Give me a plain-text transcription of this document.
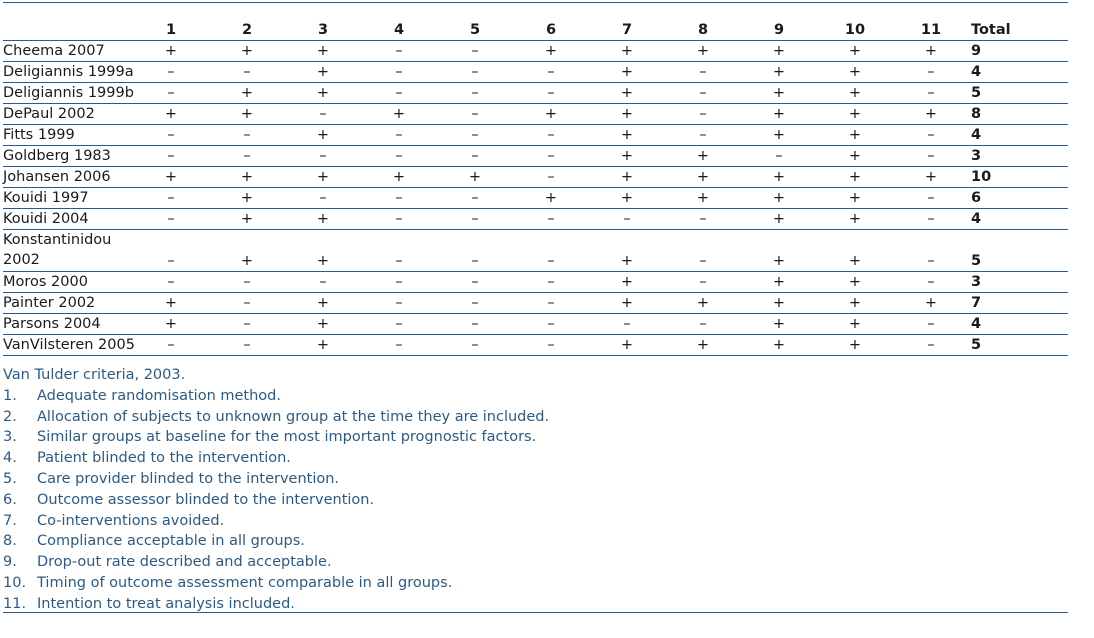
	1	2	3	4	5	6	7	8	9	10	11	Total
Cheema 2007	+	+	+	–	–	+	+	+	+	+	+	9
Deligiannis 1999a	–	–	+	–	–	–	+	–	+	+	–	4
Deligiannis 1999b	–	+	+	–	–	–	+	–	+	+	–	5
DePaul 2002	+	+	–	+	–	+	+	–	+	+	+	8
Fitts 1999	–	–	+	–	–	–	+	–	+	+	–	4
Goldberg 1983	–	–	–	–	–	–	+	+	–	+	–	3
Johansen 2006	+	+	+	+	+	–	+	+	+	+	+	10
Kouidi 1997	–	+	–	–	–	+	+	+	+	+	–	6
Kouidi 2004	–	+	+	–	–	–	–	–	+	+	–	4
Konstantinidou 2002	–	+	+	–	–	–	+	–	+	+	–	5
Moros 2000	–	–	–	–	–	–	+	–	+	+	–	3
Painter 2002	+	–	+	–	–	–	+	+	+	+	+	7
Parsons 2004	+	–	+	–	–	–	–	–	+	+	–	4
VanVilsteren 2005	–	–	+	–	–	–	+	+	+	+	–	5
Van Tulder criteria, 2003.
1.	Adequate randomisation method.
2.	Allocation of subjects to unknown group at the time they are included.
3.	Similar groups at baseline for the most important prognostic factors.
4.	Patient blinded to the intervention.
5.	Care provider blinded to the intervention.
6.	Outcome assessor blinded to the intervention.
7.	Co-interventions avoided.
8.	Compliance acceptable in all groups.
9.	Drop-out rate described and acceptable.
10. Timing of outcome assessment comparable in all groups.
11. Intention to treat analysis included.
